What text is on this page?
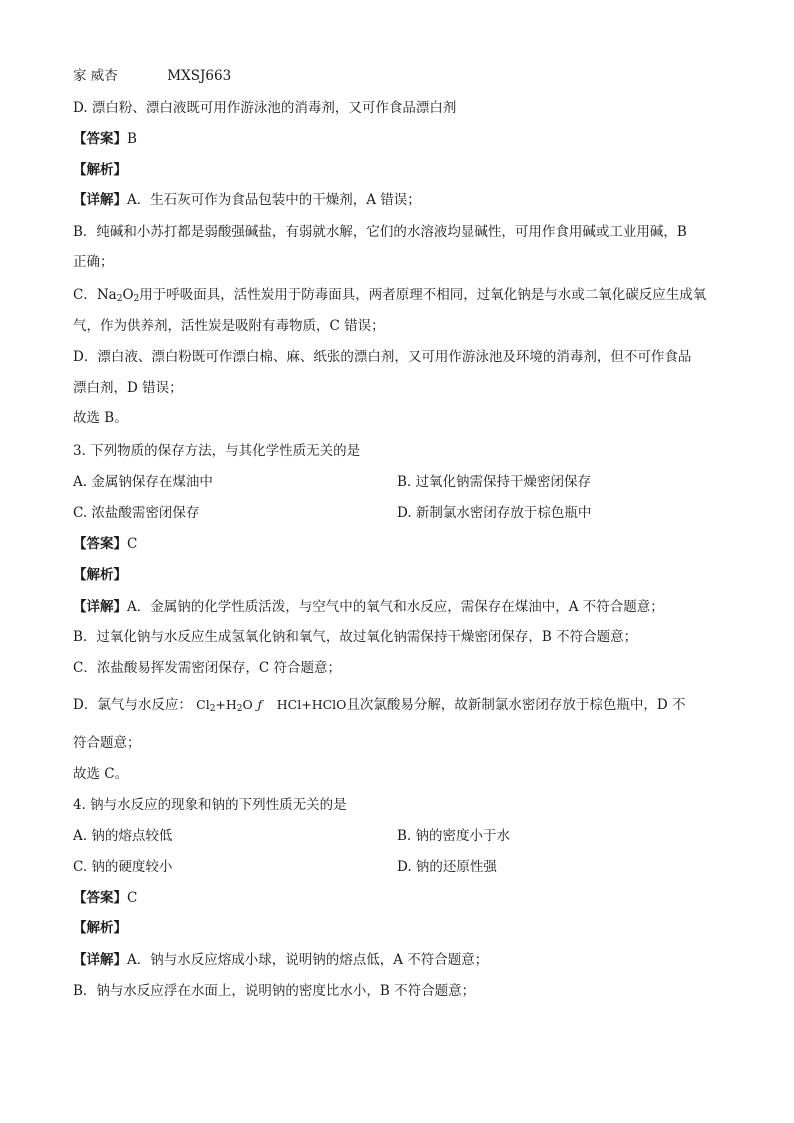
家 威杏	MXSJ663
D. 漂白粉、漂白液既可用作游泳池的消毒剂，又可作食品漂白剂
【答案】B
【解析】
【详解】A．生石灰可作为食品包装中的干燥剂，A 错误；
B．纯碱和小苏打都是弱酸强碱盐，有弱就水解，它们的水溶液均显碱性，可用作食用碱或工业用碱，B
正确；
C．$Na_2O_2$用于呼吸面具，活性炭用于防毒面具，两者原理不相同，过氧化钠是与水或二氧化碳反应生成氧
气，作为供养剂，活性炭是吸附有毒物质，C 错误；
D．漂白液、漂白粉既可作漂白棉、麻、纸张的漂白剂，又可用作游泳池及环境的消毒剂，但不可作食品
漂白剂，D 错误；
故选 B。
3. 下列物质的保存方法，与其化学性质无关的是
A. 金属钠保存在煤油中	B. 过氧化钠需保持干燥密闭保存
C. 浓盐酸需密闭保存	D. 新制氯水密闭存放于棕色瓶中
【答案】C
【解析】
【详解】A．金属钠的化学性质活泼，与空气中的氧气和水反应，需保存在煤油中，A 不符合题意；
B．过氧化钠与水反应生成氢氧化钠和氧气，故过氧化钠需保持干燥密闭保存，B 不符合题意；
C．浓盐酸易挥发需密闭保存，C 符合题意；
D．氯气与水反应： $Cl_2+H_2O$ ƒ HCl+HClO且次氯酸易分解，故新制氯水密闭存放于棕色瓶中，D 不
符合题意；
故选 C。
4. 钠与水反应的现象和钠的下列性质无关的是
A. 钠的熔点较低	B. 钠的密度小于水
C. 钠的硬度较小	D. 钠的还原性强
【答案】C
【解析】
【详解】A．钠与水反应熔成小球，说明钠的熔点低，A 不符合题意；
B．钠与水反应浮在水面上，说明钠的密度比水小，B 不符合题意；
